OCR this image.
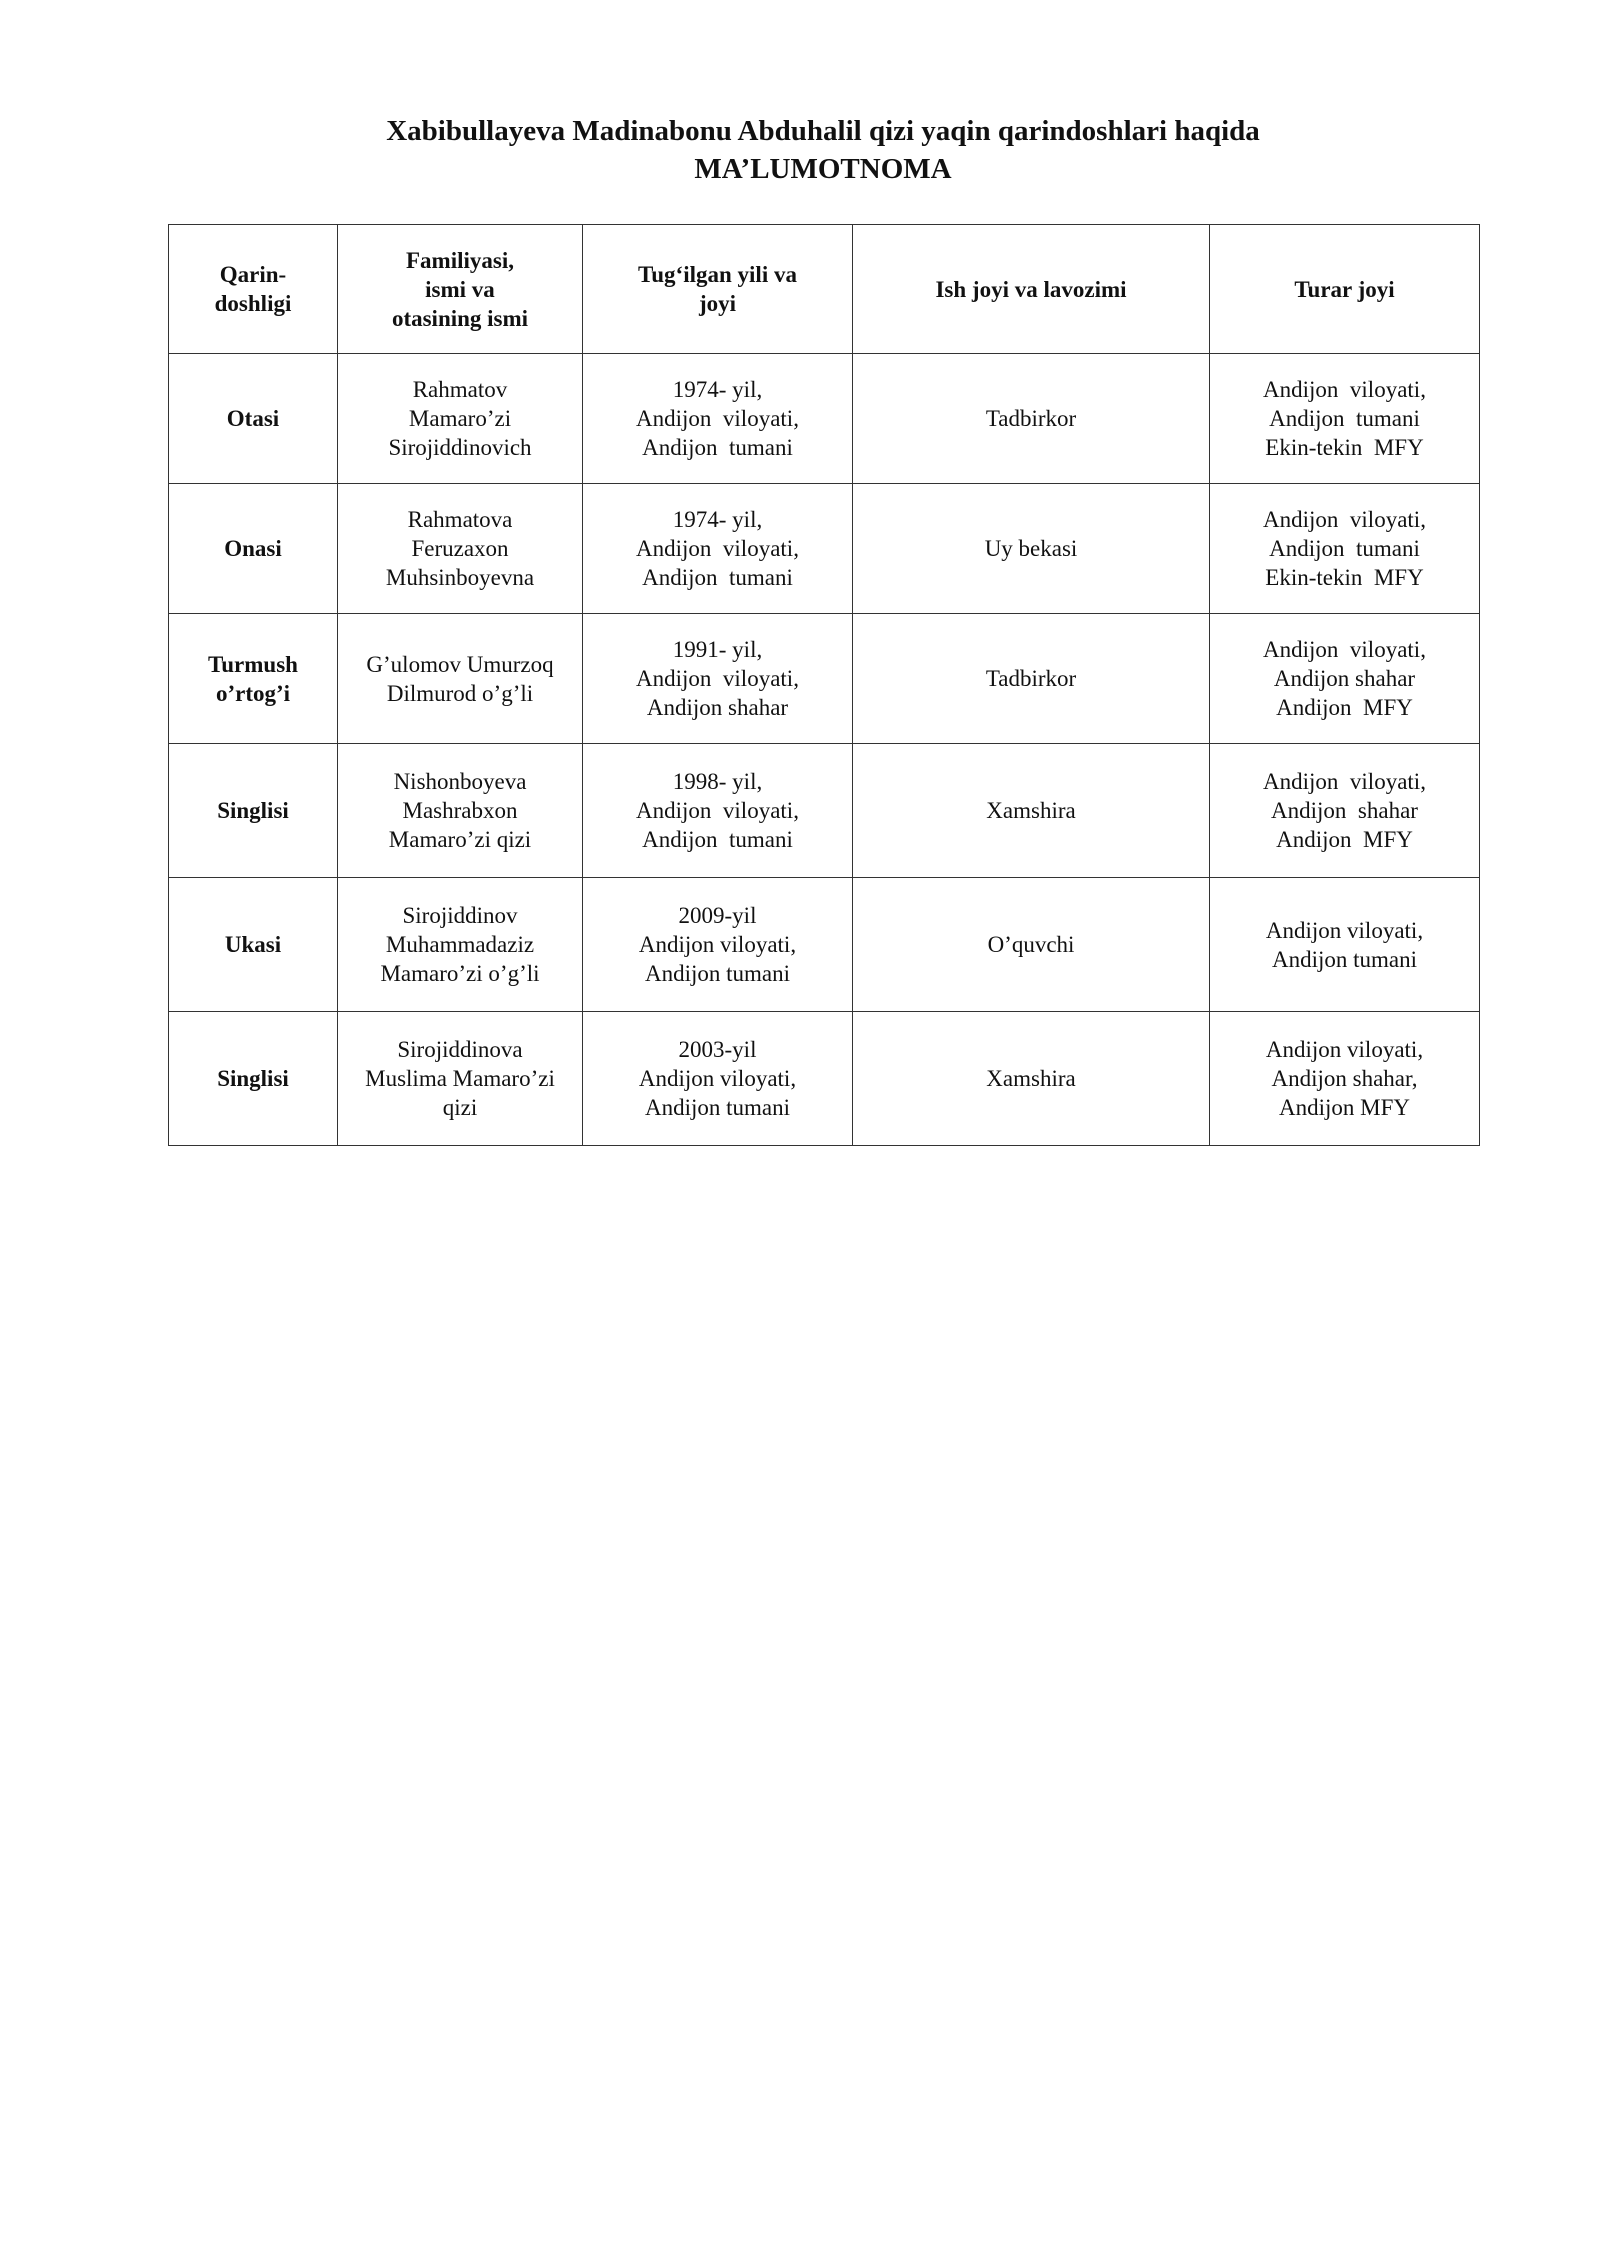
Xabibullayeva Madinabonu Abduhalil qizi yaqin qarindoshlari haqida
MA’LUMOTNOMA
Qarin-
doshligi	Familiyasi,
ismi va
otasining ismi	Tug‘ilgan yili va
joyi	Ish joyi va lavozimi	Turar joyi

Otasi	Rahmatov
Mamaro’zi
Sirojiddinovich	1974- yil,
Andijon  viloyati,
Andijon  tumani	Tadbirkor	Andijon  viloyati,
Andijon  tumani
Ekin-tekin  MFY

Onasi	Rahmatova
Feruzaxon
Muhsinboyevna	1974- yil,
Andijon  viloyati,
Andijon  tumani	Uy bekasi	Andijon  viloyati,
Andijon  tumani
Ekin-tekin  MFY

Turmush
o’rtog’i	G’ulomov Umurzoq
Dilmurod o’g’li	1991- yil,
Andijon  viloyati,
Andijon shahar	Tadbirkor	Andijon  viloyati,
Andijon shahar
Andijon  MFY

Singlisi	Nishonboyeva
Mashrabxon
Mamaro’zi qizi	1998- yil,
Andijon  viloyati,
Andijon  tumani	Xamshira	Andijon  viloyati,
Andijon  shahar
Andijon  MFY

Ukasi	Sirojiddinov
Muhammadaziz
Mamaro’zi o’g’li	2009-yil
Andijon viloyati,
Andijon tumani	O’quvchi	Andijon viloyati,
Andijon tumani

Singlisi	Sirojiddinova
Muslima Mamaro’zi
qizi	2003-yil
Andijon viloyati,
Andijon tumani	Xamshira	Andijon viloyati,
Andijon shahar,
Andijon MFY
